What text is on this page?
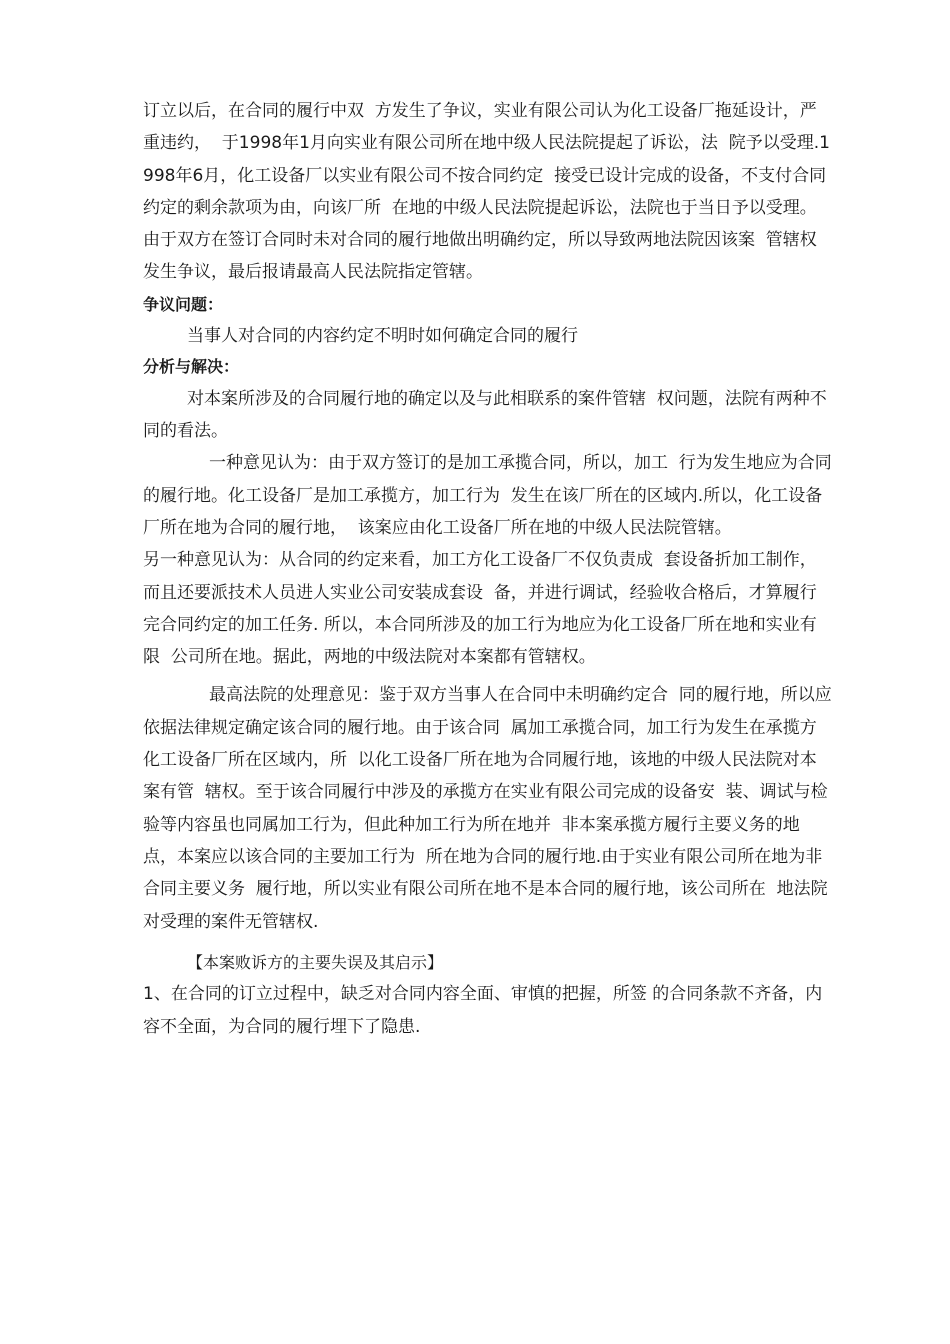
订立以后，在合同的履行中双  方发生了争议，实业有限公司认为化工设备厂拖延设计，严重违约，  于1998年1月向实业有限公司所在地中级人民法院提起了诉讼，法  院予以受理.1998年6月，化工设备厂以实业有限公司不按合同约定  接受已设计完成的设备，不支付合同约定的剩余款项为由，向该厂所  在地的中级人民法院提起诉讼，法院也于当日予以受理。由于双方在签订合同时未对合同的履行地做出明确约定，所以导致两地法院因该案  管辖权发生争议，最后报请最高人民法院指定管辖。

争议问题：

当事人对合同的内容约定不明时如何确定合同的履行

分析与解决：

对本案所涉及的合同履行地的确定以及与此相联系的案件管辖  权问题，法院有两种不同的看法。

一种意见认为：由于双方签订的是加工承揽合同，所以，加工  行为发生地应为合同的履行地。化工设备厂是加工承揽方，加工行为  发生在该厂所在的区域内.所以，化工设备厂所在地为合同的履行地，  该案应由化工设备厂所在地的中级人民法院管辖。

另一种意见认为：从合同的约定来看，加工方化工设备厂不仅负责成  套设备折加工制作，而且还要派技术人员进人实业公司安装成套设  备，并进行调试，经验收合格后，才算履行完合同约定的加工任务. 所以，本合同所涉及的加工行为地应为化工设备厂所在地和实业有限  公司所在地。据此，两地的中级法院对本案都有管辖权。

最高法院的处理意见：鉴于双方当事人在合同中未明确约定合  同的履行地，所以应依据法律规定确定该合同的履行地。由于该合同  属加工承揽合同，加工行为发生在承揽方化工设备厂所在区域内，所  以化工设备厂所在地为合同履行地，该地的中级人民法院对本案有管  辖权。至于该合同履行中涉及的承揽方在实业有限公司完成的设备安  装、调试与检验等内容虽也同属加工行为，但此种加工行为所在地并  非本案承揽方履行主要义务的地点，本案应以该合同的主要加工行为  所在地为合同的履行地.由于实业有限公司所在地为非合同主要义务  履行地，所以实业有限公司所在地不是本合同的履行地，该公司所在  地法院对受理的案件无管辖权.

【本案败诉方的主要失误及其启示】

1、在合同的订立过程中，缺乏对合同内容全面、审慎的把握，所签 的合同条款不齐备，内容不全面，为合同的履行埋下了隐患.
